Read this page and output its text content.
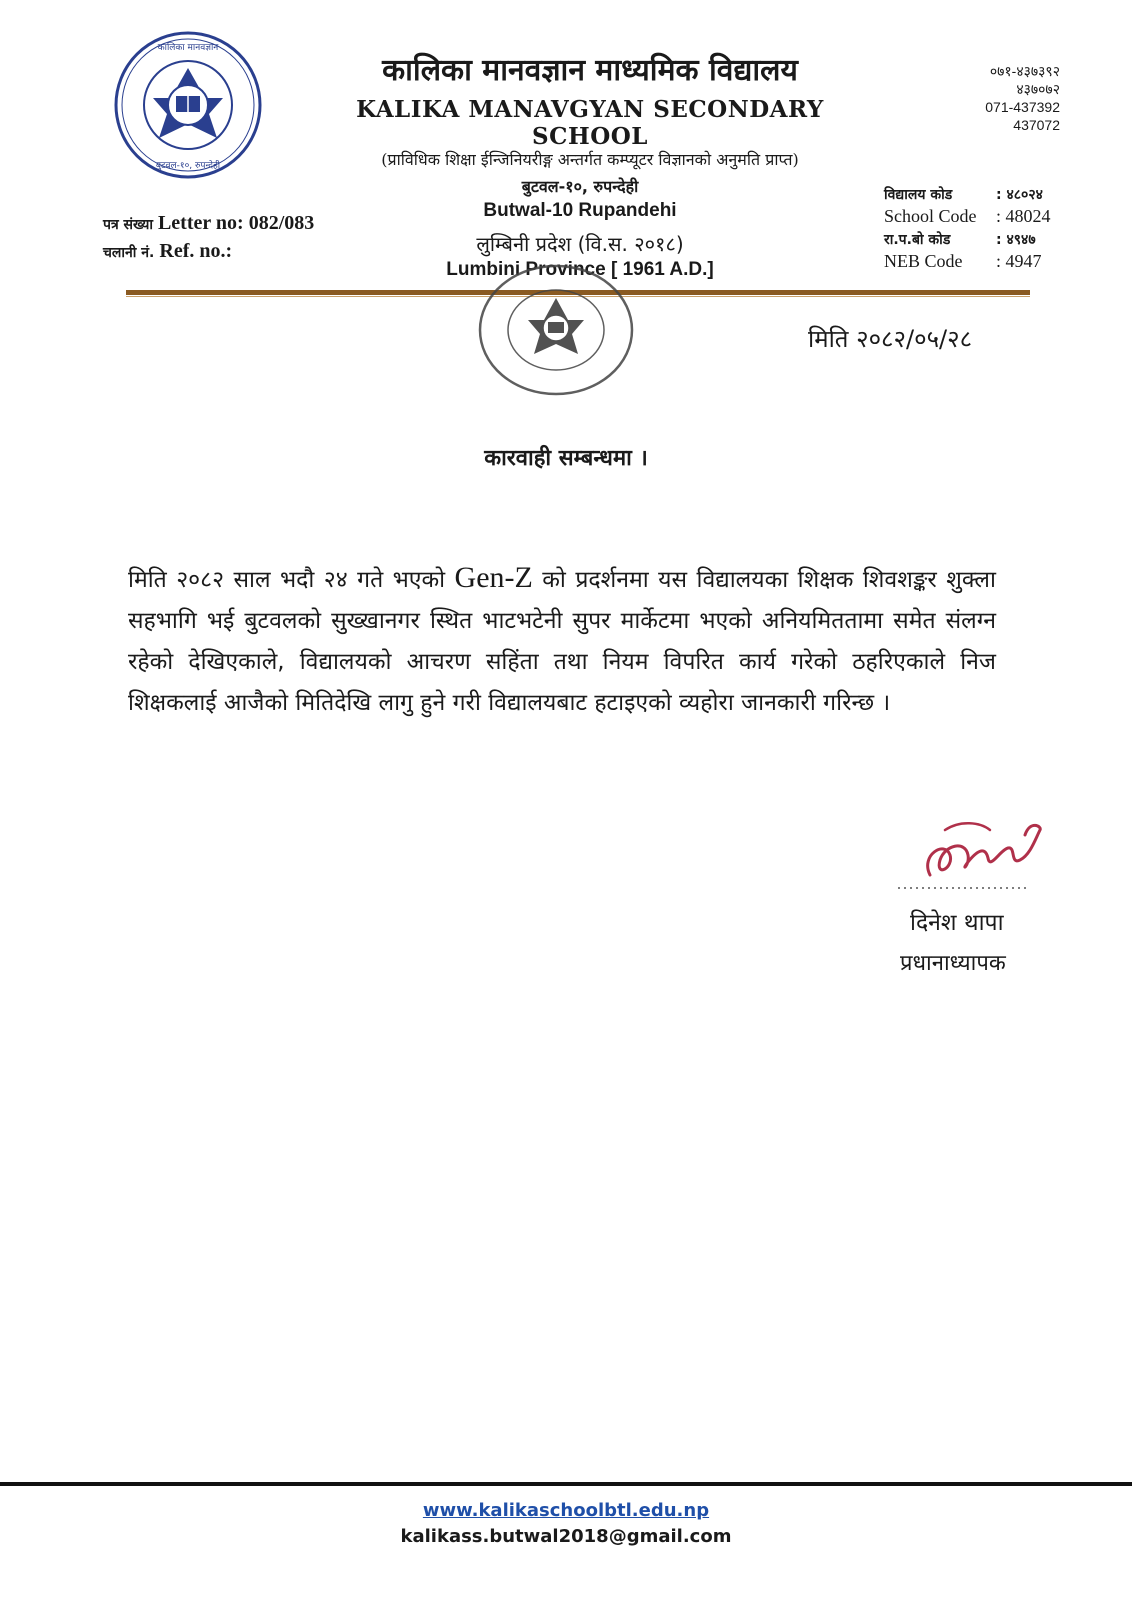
कालिका मानवज्ञान
बुटवल-१०, रुपन्देही
कालिका मानवज्ञान माध्यमिक विद्यालय
KALIKA MANAVGYAN SECONDARY SCHOOL
(प्राविधिक शिक्षा ईन्जिनियरीङ्ग अन्तर्गत कम्प्यूटर विज्ञानको अनुमति प्राप्त)
बुटवल-१०, रुपन्देही
Butwal-10 Rupandehi
लुम्बिनी प्रदेश (वि.स. २०१८)
Lumbini Province [ 1961 A.D.]
०७१-४३७३९२
४३७०७२
071-437392
437072
पत्र संख्या Letter no: 082/083
चलानी नं. Ref. no.:
विद्यालय कोड	: ४८०२४
School Code	: 48024
रा.प.बो कोड	: ४९४७
NEB Code	: 4947
मिति २०८२/०५/२८
कारवाही सम्बन्धमा ।
मिति २०८२ साल भदौ २४ गते भएको Gen-Z को प्रदर्शनमा यस विद्यालयका शिक्षक शिवशङ्कर शुक्ला सहभागि भई बुटवलको सुख्खानगर स्थित भाटभटेनी सुपर मार्केटमा भएको अनियमिततामा समेत संलग्न रहेको देखिएकाले, विद्यालयको आचरण सहिंता तथा नियम विपरित कार्य गरेको ठहरिएकाले निज शिक्षकलाई आजैको मितिदेखि लागु हुने गरी विद्यालयबाट हटाइएको व्यहोरा जानकारी गरिन्छ ।
दिनेश थापा
प्रधानाध्यापक
www.kalikaschoolbtl.edu.np
kalikass.butwal2018@gmail.com
